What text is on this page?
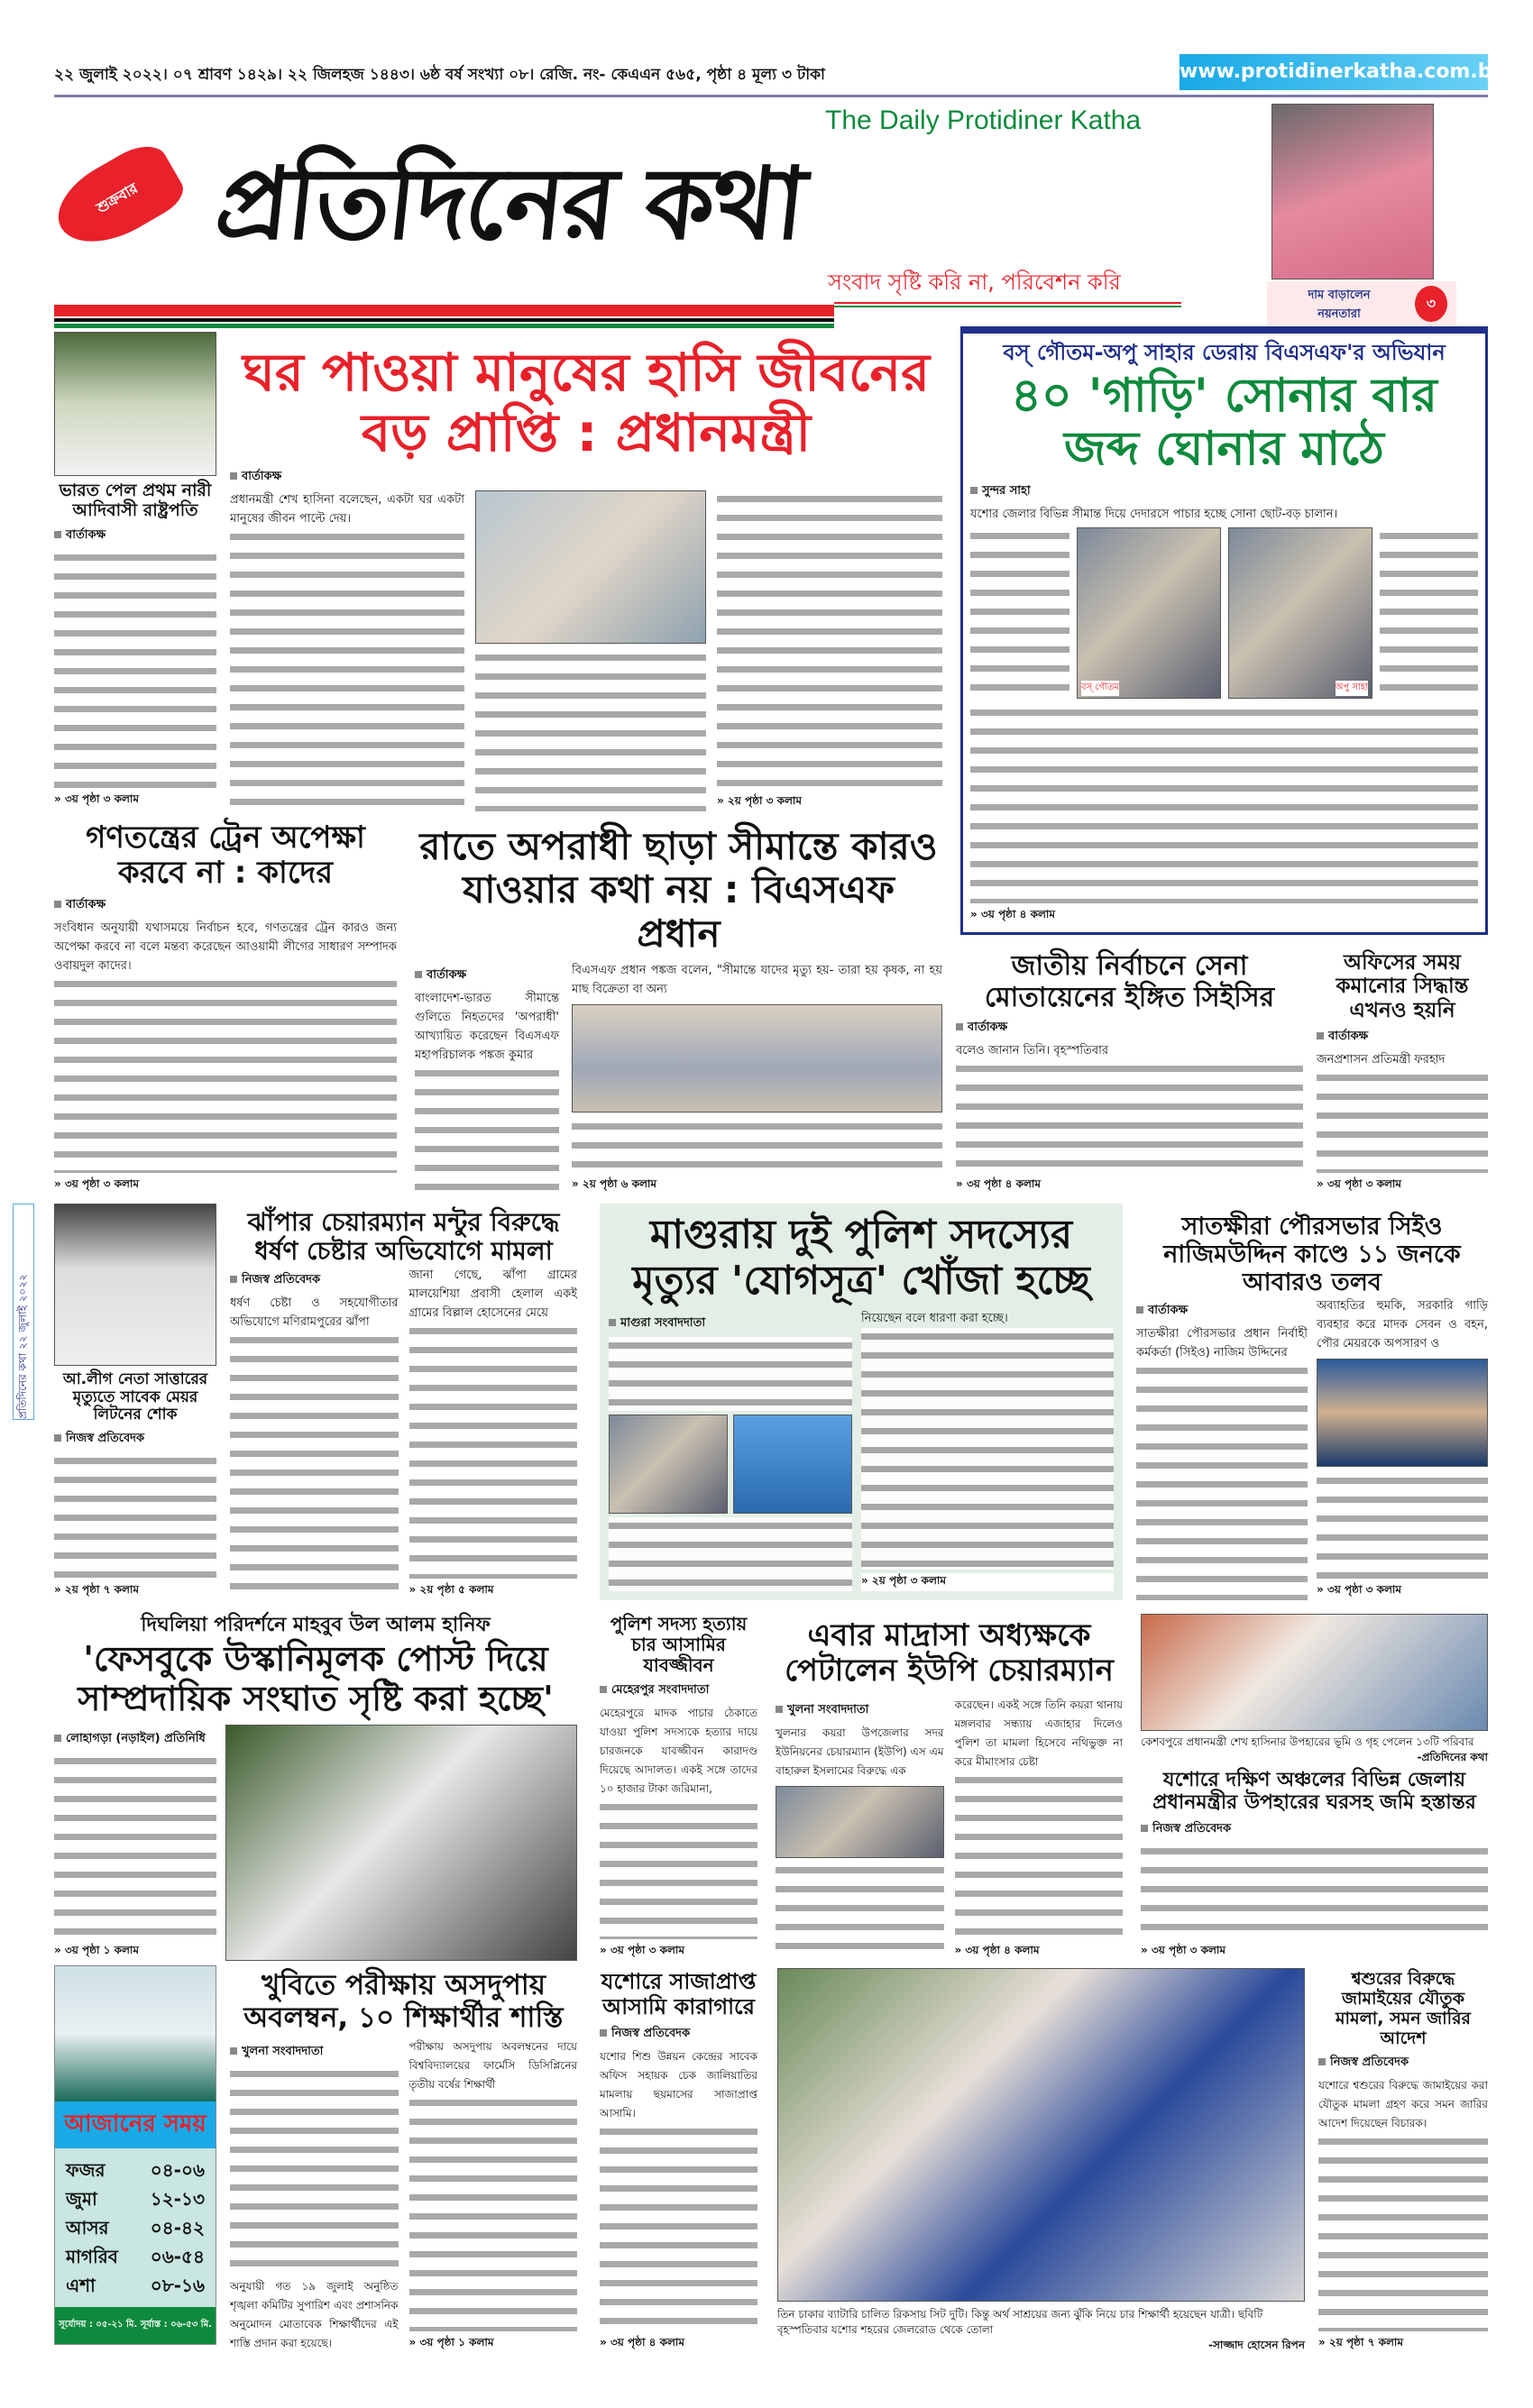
২২ জুলাই ২০২২। ০৭ শ্রাবণ ১৪২৯। ২২ জিলহজ ১৪৪৩। ৬ষ্ঠ বর্ষ সংখ্যা ০৮। রেজি. নং- কেএএন ৫৬৫, পৃষ্ঠা ৪ মূল্য ৩ টাকা	www.protidinerkatha.com.bd
শুক্রবার প্রতিদিনের কথা
The Daily Protidiner Katha
সংবাদ সৃষ্টি করি না, পরিবেশন করি
দাম বাড়ালেন নয়নতারা
৩
ভারত পেল প্রথম নারী আদিবাসী রাষ্ট্রপতি
বার্তাকক্ষ
» ৩য় পৃষ্ঠা ৩ কলাম
ঘর পাওয়া মানুষের হাসি জীবনের বড় প্রাপ্তি : প্রধানমন্ত্রী
বার্তাকক্ষ
প্রধানমন্ত্রী শেখ হাসিনা বলেছেন, একটা ঘর একটা মানুষের জীবন পাল্টে দেয়।
» ২য় পৃষ্ঠা ৩ কলাম
বস্ গৌতম-অপু সাহার ডেরায় বিএসএফ'র অভিযান
৪০ 'গাড়ি' সোনার বার জব্দ ঘোনার মাঠে
সুন্দর সাহা
যশোর জেলার বিভিন্ন সীমান্ত দিয়ে দেদারসে পাচার হচ্ছে সোনা ছোট-বড় চালান।
বস্ গৌতম	অপু সাহা
» ৩য় পৃষ্ঠা ৪ কলাম
গণতন্ত্রের ট্রেন অপেক্ষা করবে না : কাদের
বার্তাকক্ষ
সংবিধান অনুযায়ী যথাসময়ে নির্বাচন হবে, গণতন্ত্রের ট্রেন কারও জন্য অপেক্ষা করবে না বলে মন্তব্য করেছেন আওয়ামী লীগের সাধারণ সম্পাদক ওবায়দুল কাদের।
» ৩য় পৃষ্ঠা ৩ কলাম
রাতে অপরাধী ছাড়া সীমান্তে কারও যাওয়ার কথা নয় : বিএসএফ প্রধান
বার্তাকক্ষ
বাংলাদেশ-ভারত সীমান্তে গুলিতে নিহতদের 'অপরাধী' আখ্যায়িত করেছেন বিএসএফ মহাপরিচালক পঙ্কজ কুমার
বিএসএফ প্রধান পঙ্কজ বলেন, "সীমান্তে যাদের মৃত্যু হয়- তারা হয় কৃষক, না হয় মাছ বিক্রেতা বা অন্য
» ২য় পৃষ্ঠা ৬ কলাম
জাতীয় নির্বাচনে সেনা মোতায়েনের ইঙ্গিত সিইসির
বার্তাকক্ষ
বলেও জানান তিনি। বৃহস্পতিবার
» ৩য় পৃষ্ঠা ৪ কলাম
অফিসের সময় কমানোর সিদ্ধান্ত এখনও হয়নি
বার্তাকক্ষ
জনপ্রশাসন প্রতিমন্ত্রী ফরহাদ
» ৩য় পৃষ্ঠা ৩ কলাম
প্রতিদিনের কথা ২২ জুলাই ২০২২	আ.লীগ নেতা সাত্তারের মৃত্যুতে সাবেক মেয়র লিটনের শোক
নিজস্ব প্রতিবেদক
» ২য় পৃষ্ঠা ৭ কলাম
ঝাঁপার চেয়ারম্যান মন্টুর বিরুদ্ধে ধর্ষণ চেষ্টার অভিযোগে মামলা
নিজস্ব প্রতিবেদক
ধর্ষণ চেষ্টা ও সহযোগীতার অভিযোগে মণিরামপুরের ঝাঁপা
জানা গেছে, ঝাঁপা গ্রামের মালয়েশিয়া প্রবাসী হেলাল একই গ্রামের বিল্লাল হোসেনের মেয়ে
» ২য় পৃষ্ঠা ৫ কলাম
মাগুরায় দুই পুলিশ সদস্যের মৃত্যুর 'যোগসূত্র' খোঁজা হচ্ছে
মাগুরা সংবাদদাতা	নিয়েছেন বলে ধারণা করা হচ্ছে।
» ২য় পৃষ্ঠা ৩ কলাম
সাতক্ষীরা পৌরসভার সিইও নাজিমউদ্দিন কাণ্ডে ১১ জনকে আবারও তলব
বার্তাকক্ষ
সাতক্ষীরা পৌরসভার প্রধান নির্বাহী কর্মকর্তা (সিইও) নাজিম উদ্দিনের
অব্যাহতির হুমকি, সরকারি গাড়ি ব্যবহার করে মাদক সেবন ও বহন, পৌর মেয়রকে অপসারণ ও
» ৩য় পৃষ্ঠা ৩ কলাম
দিঘলিয়া পরিদর্শনে মাহবুব উল আলম হানিফ
'ফেসবুকে উস্কানিমূলক পোস্ট দিয়ে সাম্প্রদায়িক সংঘাত সৃষ্টি করা হচ্ছে'
লোহাগড়া (নড়াইল) প্রতিনিধি
» ৩য় পৃষ্ঠা ১ কলাম
পুলিশ সদস্য হত্যায় চার আসামির যাবজ্জীবন
মেহেরপুর সংবাদদাতা
মেহেরপুরে মাদক পাচার ঠেকাতে যাওয়া পুলিশ সদস্যকে হত্যার দায়ে চারজনকে যাবজ্জীবন কারাদণ্ড দিয়েছে আদালত। একই সঙ্গে তাদের ১০ হাজার টাকা জরিমানা,
» ৩য় পৃষ্ঠা ৩ কলাম
এবার মাদ্রাসা অধ্যক্ষকে পেটালেন ইউপি চেয়ারম্যান
খুলনা সংবাদদাতা
খুলনার কয়রা উপজেলার সদর ইউনিয়নের চেয়ারম্যান (ইউপি) এস এম বাহারুল ইসলামের বিরুদ্ধে এক
করেছেন। একই সঙ্গে তিনি কয়রা থানায় মঙ্গলবার সন্ধ্যায় এজাহার দিলেও পুলিশ তা মামলা হিসেবে নথিভুক্ত না করে মীমাংসার চেষ্টা
» ৩য় পৃষ্ঠা ৪ কলাম
কেশবপুরে প্রধানমন্ত্রী শেখ হাসিনার উপহারের ভূমি ও গৃহ পেলেন ১৩টি পরিবার
-প্রতিদিনের কথা
যশোরে দক্ষিণ অঞ্চলের বিভিন্ন জেলায় প্রধানমন্ত্রীর উপহারের ঘরসহ জমি হস্তান্তর
নিজস্ব প্রতিবেদক
» ৩য় পৃষ্ঠা ৩ কলাম
আজানের সময়
ফজর	০৪-০৬
জুমা	১২-১৩
আসর ০৪-৪২
মাগরিব ০৬-৫৪
এশা	০৮-১৬
সূর্যোদয় : ০৫-২১ মি. সূর্যাস্ত : ০৬-৫৩ মি.
খুবিতে পরীক্ষায় অসদুপায় অবলম্বন, ১০ শিক্ষার্থীর শাস্তি
খুলনা সংবাদদাতা
অনুযায়ী গত ১৯ জুলাই অনুষ্ঠিত শৃঙ্খলা কমিটির সুপারিশ এবং প্রশাসনিক অনুমোদন মোতাবেক শিক্ষার্থীদের এই শাস্তি প্রদান করা হয়েছে।
পরীক্ষায় অসদুপায় অবলম্বনের দায়ে বিশ্ববিদ্যালয়ের ফার্মেসি ডিসিপ্লিনের তৃতীয় বর্ষের শিক্ষার্থী
» ৩য় পৃষ্ঠা ১ কলাম
যশোরে সাজাপ্রাপ্ত আসামি কারাগারে
নিজস্ব প্রতিবেদক
যশোর শিশু উন্নয়ন কেন্দ্রের সাবেক অফিস সহায়ক চেক জালিয়াতির মামলায় ছয়মাসের সাজাপ্রাপ্ত আসামি।
» ৩য় পৃষ্ঠা ৪ কলাম
তিন চাকার ব্যাটারি চালিত রিকসায় সিট দুটি। কিন্তু অর্থ সাশ্রয়ের জন্য ঝুঁকি নিয়ে চার শিক্ষার্থী হয়েছেন যাত্রী। ছবিটি বৃহস্পতিবার যশোর শহরের জেলরোড থেকে তোলা
-সাজ্জাদ হোসেন রিপন
শ্বশুরের বিরুদ্ধে জামাইয়ের যৌতুক মামলা, সমন জারির আদেশ
নিজস্ব প্রতিবেদক
যশোরে শ্বশুরের বিরুদ্ধে জামাইয়ের করা যৌতুক মামলা গ্রহণ করে সমন জারির আদেশ দিয়েছেন বিচারক।
» ২য় পৃষ্ঠা ৭ কলাম
